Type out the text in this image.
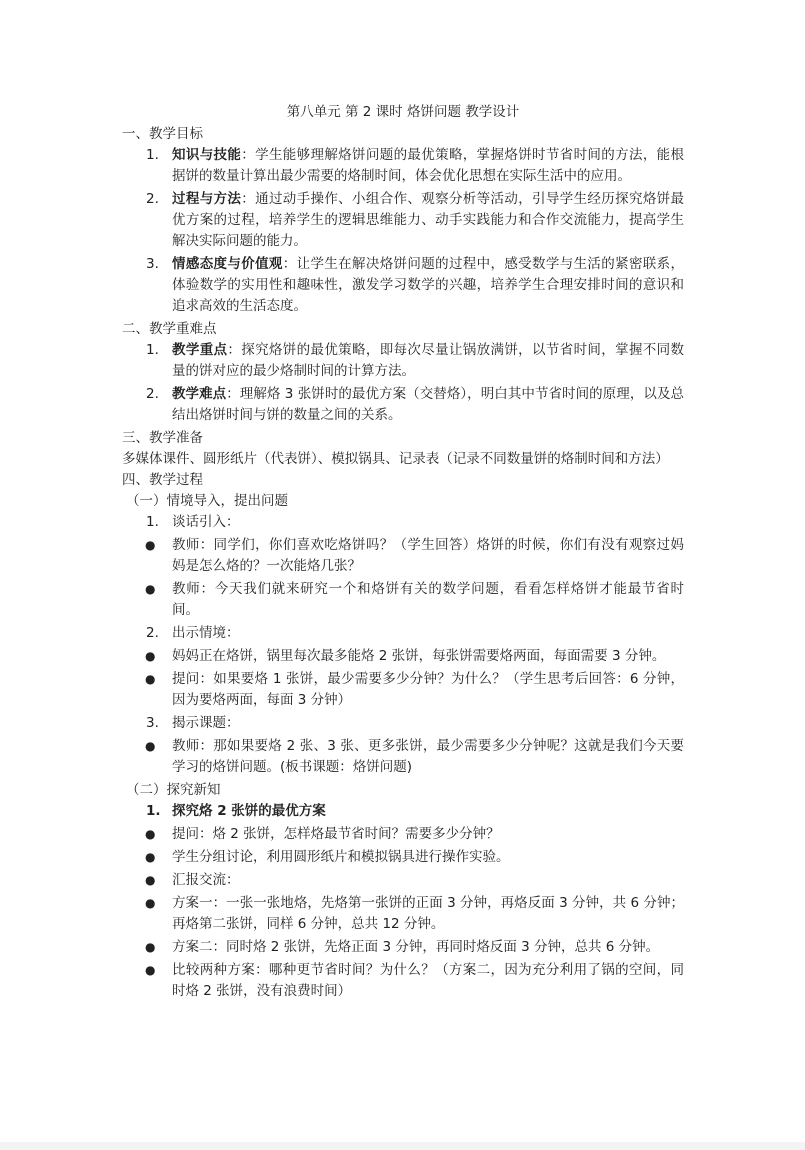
第八单元 第 2 课时 烙饼问题 教学设计
一、教学目标
1. 知识与技能：学生能够理解烙饼问题的最优策略，掌握烙饼时节省时间的方法，能根据饼的数量计算出最少需要的烙制时间，体会优化思想在实际生活中的应用。
2. 过程与方法：通过动手操作、小组合作、观察分析等活动，引导学生经历探究烙饼最优方案的过程，培养学生的逻辑思维能力、动手实践能力和合作交流能力，提高学生解决实际问题的能力。
3. 情感态度与价值观：让学生在解决烙饼问题的过程中，感受数学与生活的紧密联系，体验数学的实用性和趣味性，激发学习数学的兴趣，培养学生合理安排时间的意识和追求高效的生活态度。
二、教学重难点
1. 教学重点：探究烙饼的最优策略，即每次尽量让锅放满饼，以节省时间，掌握不同数量的饼对应的最少烙制时间的计算方法。
2. 教学难点：理解烙 3 张饼时的最优方案（交替烙），明白其中节省时间的原理，以及总结出烙饼时间与饼的数量之间的关系。
三、教学准备
多媒体课件、圆形纸片（代表饼）、模拟锅具、记录表（记录不同数量饼的烙制时间和方法）
四、教学过程
（一）情境导入，提出问题
1. 谈话引入：
● 教师：同学们，你们喜欢吃烙饼吗？（学生回答）烙饼的时候，你们有没有观察过妈妈是怎么烙的？一次能烙几张？
● 教师：今天我们就来研究一个和烙饼有关的数学问题，看看怎样烙饼才能最节省时间。
2. 出示情境：
● 妈妈正在烙饼，锅里每次最多能烙 2 张饼，每张饼需要烙两面，每面需要 3 分钟。
● 提问：如果要烙 1 张饼，最少需要多少分钟？为什么？（学生思考后回答：6 分钟，因为要烙两面，每面 3 分钟）
3. 揭示课题：
● 教师：那如果要烙 2 张、3 张、更多张饼，最少需要多少分钟呢？这就是我们今天要学习的烙饼问题。(板书课题：烙饼问题)
（二）探究新知
1. 探究烙 2 张饼的最优方案
● 提问：烙 2 张饼，怎样烙最节省时间？需要多少分钟？
● 学生分组讨论，利用圆形纸片和模拟锅具进行操作实验。
● 汇报交流：
● 方案一：一张一张地烙，先烙第一张饼的正面 3 分钟，再烙反面 3 分钟，共 6 分钟；再烙第二张饼，同样 6 分钟，总共 12 分钟。
● 方案二：同时烙 2 张饼，先烙正面 3 分钟，再同时烙反面 3 分钟，总共 6 分钟。
● 比较两种方案：哪种更节省时间？为什么？（方案二，因为充分利用了锅的空间，同时烙 2 张饼，没有浪费时间）
